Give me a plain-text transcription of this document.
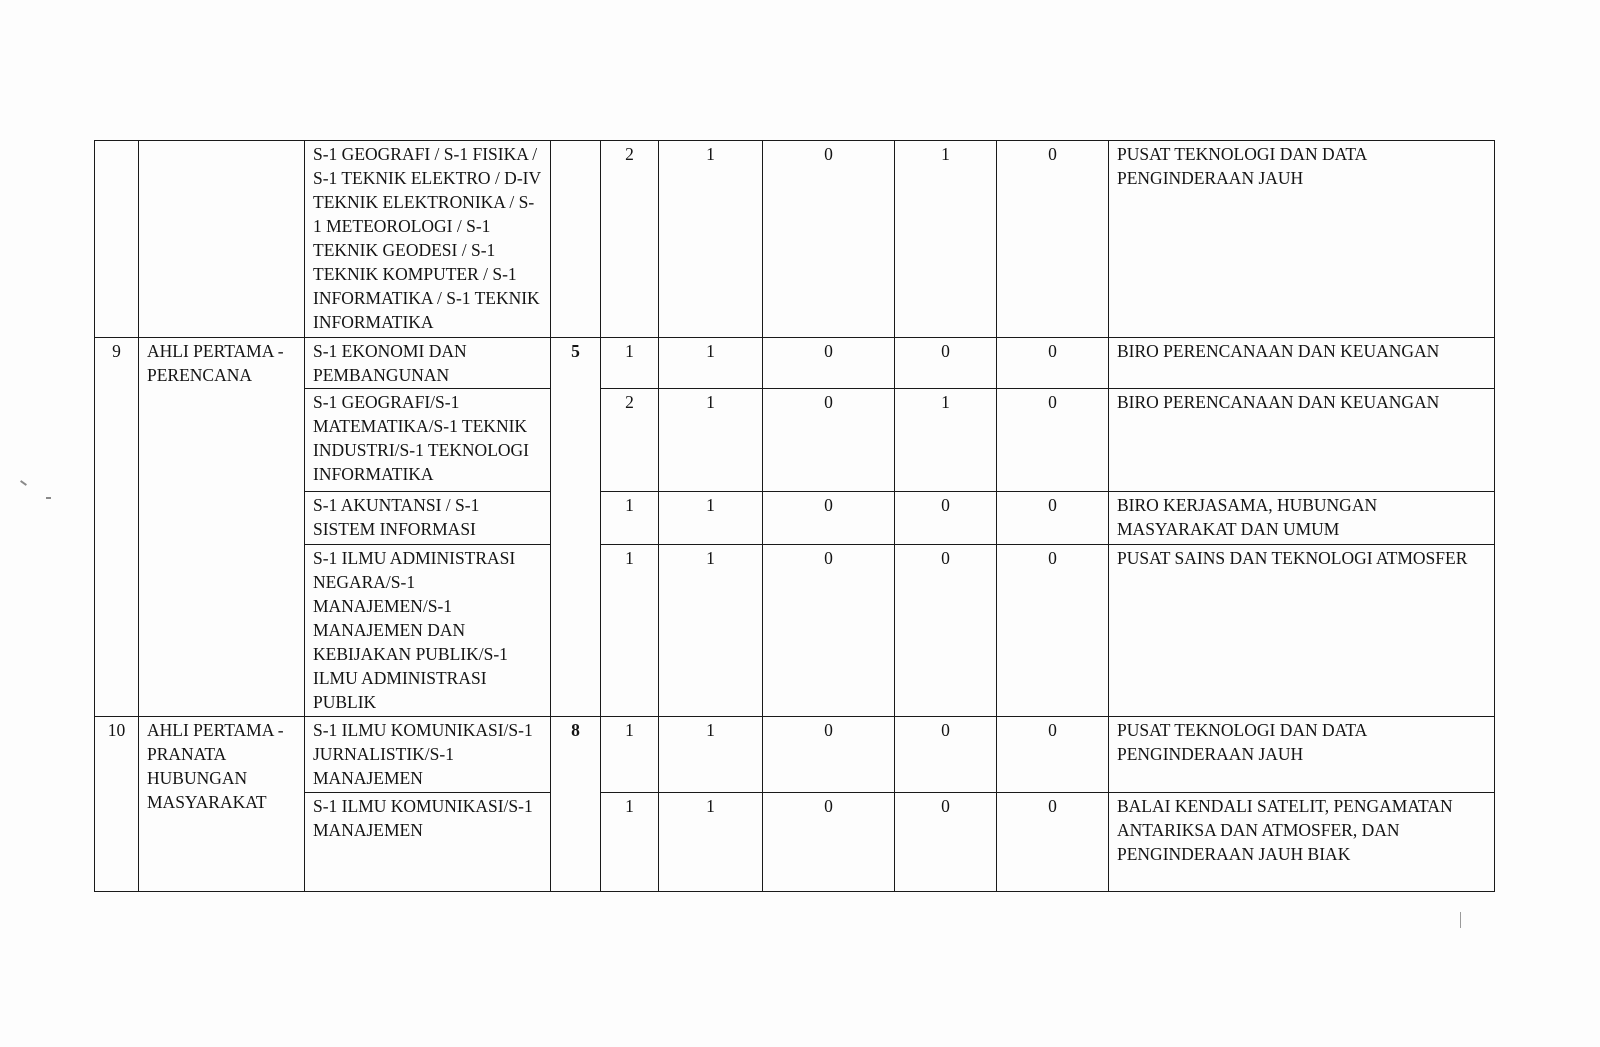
		S-1 GEOGRAFI / S-1 FISIKA / S-1 TEKNIK ELEKTRO / D-IV TEKNIK ELEKTRONIKA / S-1 METEOROLOGI / S-1 TEKNIK GEODESI / S-1 TEKNIK KOMPUTER / S-1 INFORMATIKA / S-1 TEKNIK INFORMATIKA		2	1	0	1	0	PUSAT TEKNOLOGI DAN DATA PENGINDERAAN JAUH
9	AHLI PERTAMA - PERENCANA	S-1 EKONOMI DAN PEMBANGUNAN	5	1	1	0	0	0	BIRO PERENCANAAN DAN KEUANGAN
		S-1 GEOGRAFI/S-1 MATEMATIKA/S-1 TEKNIK INDUSTRI/S-1 TEKNOLOGI INFORMATIKA		2	1	0	1	0	BIRO PERENCANAAN DAN KEUANGAN
		S-1 AKUNTANSI / S-1 SISTEM INFORMASI		1	1	0	0	0	BIRO KERJASAMA, HUBUNGAN MASYARAKAT DAN UMUM
		S-1 ILMU ADMINISTRASI NEGARA/S-1 MANAJEMEN/S-1 MANAJEMEN DAN KEBIJAKAN PUBLIK/S-1 ILMU ADMINISTRASI PUBLIK		1	1	0	0	0	PUSAT SAINS DAN TEKNOLOGI ATMOSFER
10	AHLI PERTAMA - PRANATA HUBUNGAN MASYARAKAT	S-1 ILMU KOMUNIKASI/S-1 JURNALISTIK/S-1 MANAJEMEN	8	1	1	0	0	0	PUSAT TEKNOLOGI DAN DATA PENGINDERAAN JAUH
		S-1 ILMU KOMUNIKASI/S-1 MANAJEMEN		1	1	0	0	0	BALAI KENDALI SATELIT, PENGAMATAN ANTARIKSA DAN ATMOSFER, DAN PENGINDERAAN JAUH BIAK
